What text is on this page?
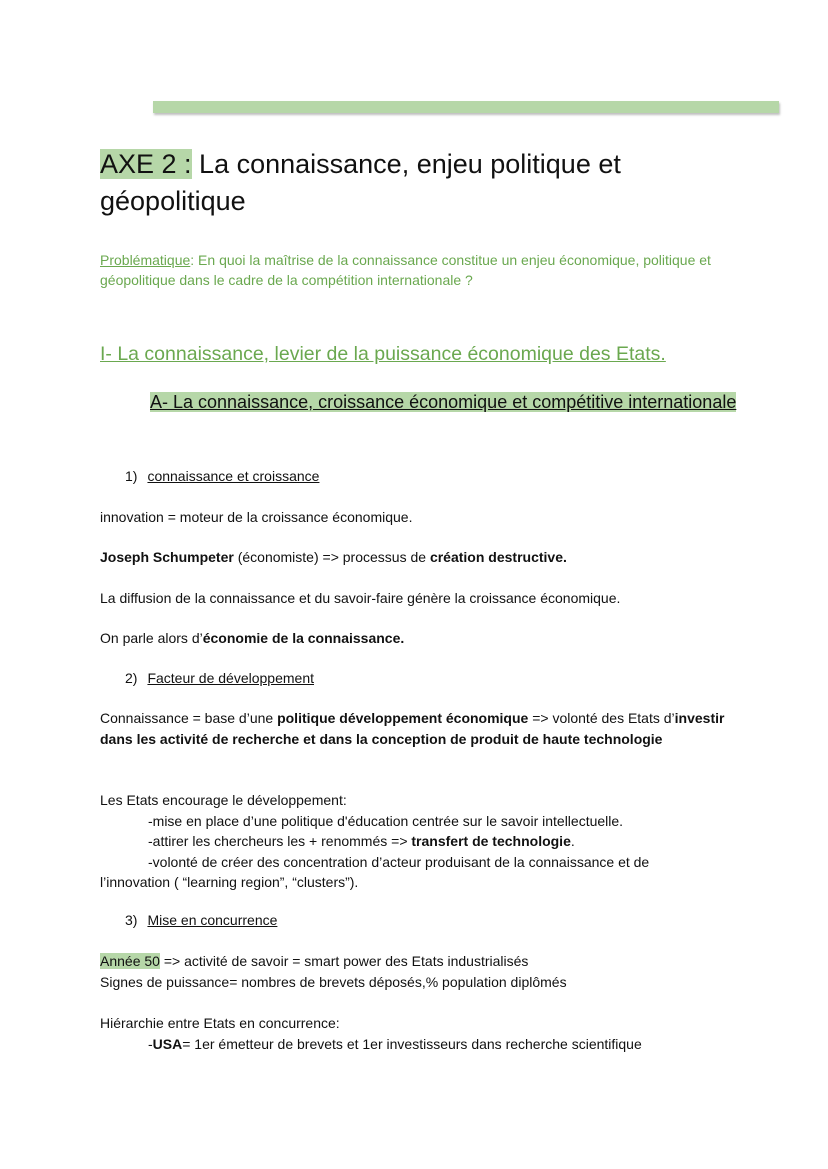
AXE 2 : La connaissance, enjeu politique et géopolitique

Problématique: En quoi la maîtrise de la connaissance constitue un enjeu économique, politique et géopolitique dans le cadre de la compétition internationale ?

I- La connaissance, levier de la puissance économique des Etats.
A- La connaissance, croissance économique et compétitive internationale

1) connaissance et croissance

innovation = moteur de la croissance économique.

Joseph Schumpeter (économiste) => processus de création destructive.

La diffusion de la connaissance et du savoir-faire génère la croissance économique.

On parle alors d’économie de la connaissance.

2) Facteur de développement

Connaissance = base d’une politique développement économique => volonté des Etats d’investir dans les activité de recherche et dans la conception de produit de haute technologie

Les Etats encourage le développement:

-mise en place d’une politique d'éducation centrée sur le savoir intellectuelle.
-attirer les chercheurs les + renommés => transfert de technologie.
-volonté de créer des concentration d’acteur produisant de la connaissance et de
l’innovation ( “learning region”, “clusters”).

3) Mise en concurrence

Année 50 => activité de savoir = smart power des Etats industrialisés
Signes de puissance= nombres de brevets déposés,% population diplômés

Hiérarchie entre Etats en concurrence:

-USA= 1er émetteur de brevets et 1er investisseurs dans recherche scientifique
